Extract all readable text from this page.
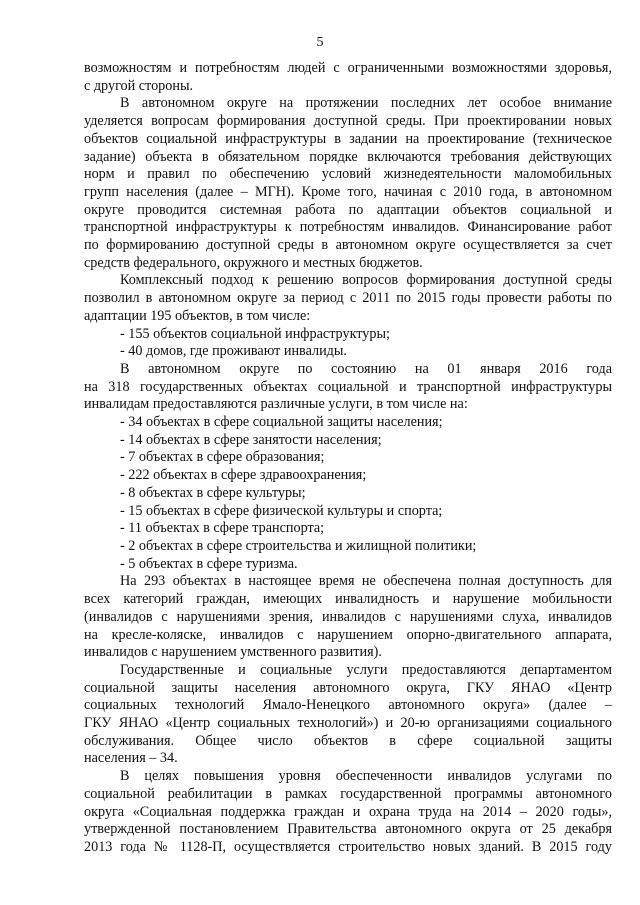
5
возможностям и потребностям людей с ограниченными возможностями здоровья,
с другой стороны.
В автономном округе на протяжении последних лет особое внимание
уделяется вопросам формирования доступной среды. При проектировании новых
объектов социальной инфраструктуры в задании на проектирование (техническое
задание) объекта в обязательном порядке включаются требования действующих
норм и правил по обеспечению условий жизнедеятельности маломобильных
групп населения (далее – МГН). Кроме того, начиная с 2010 года, в автономном
округе проводится системная работа по адаптации объектов социальной и
транспортной инфраструктуры к потребностям инвалидов. Финансирование работ
по формированию доступной среды в автономном округе осуществляется за счет
средств федерального, окружного и местных бюджетов.
Комплексный подход к решению вопросов формирования доступной среды
позволил в автономном округе за период с 2011 по 2015 годы провести работы по
адаптации 195 объектов, в том числе:
- 155 объектов социальной инфраструктуры;
- 40 домов, где проживают инвалиды.
В автономном округе по состоянию на 01 января 2016 года
на 318 государственных объектах социальной и транспортной инфраструктуры
инвалидам предоставляются различные услуги, в том числе на:
- 34 объектах в сфере социальной защиты населения;
- 14 объектах в сфере занятости населения;
- 7 объектах в сфере образования;
- 222 объектах в сфере здравоохранения;
- 8 объектах в сфере культуры;
- 15 объектах в сфере физической культуры и спорта;
- 11 объектах в сфере транспорта;
- 2 объектах в сфере строительства и жилищной политики;
- 5 объектах в сфере туризма.
На 293 объектах в настоящее время не обеспечена полная доступность для
всех категорий граждан, имеющих инвалидность и нарушение мобильности
(инвалидов с нарушениями зрения, инвалидов с нарушениями слуха, инвалидов
на кресле-коляске, инвалидов с нарушением опорно-двигательного аппарата,
инвалидов с нарушением умственного развития).
Государственные и социальные услуги предоставляются департаментом
социальной защиты населения автономного округа, ГКУ ЯНАО «Центр
социальных технологий Ямало-Ненецкого автономного округа» (далее –
ГКУ ЯНАО «Центр социальных технологий») и 20-ю организациями социального
обслуживания. Общее число объектов в сфере социальной защиты
населения – 34.
В целях повышения уровня обеспеченности инвалидов услугами по
социальной реабилитации в рамках государственной программы автономного
округа «Социальная поддержка граждан и охрана труда на 2014 – 2020 годы»,
утвержденной постановлением Правительства автономного округа от 25 декабря
2013 года № 1128-П, осуществляется строительство новых зданий. В 2015 году
